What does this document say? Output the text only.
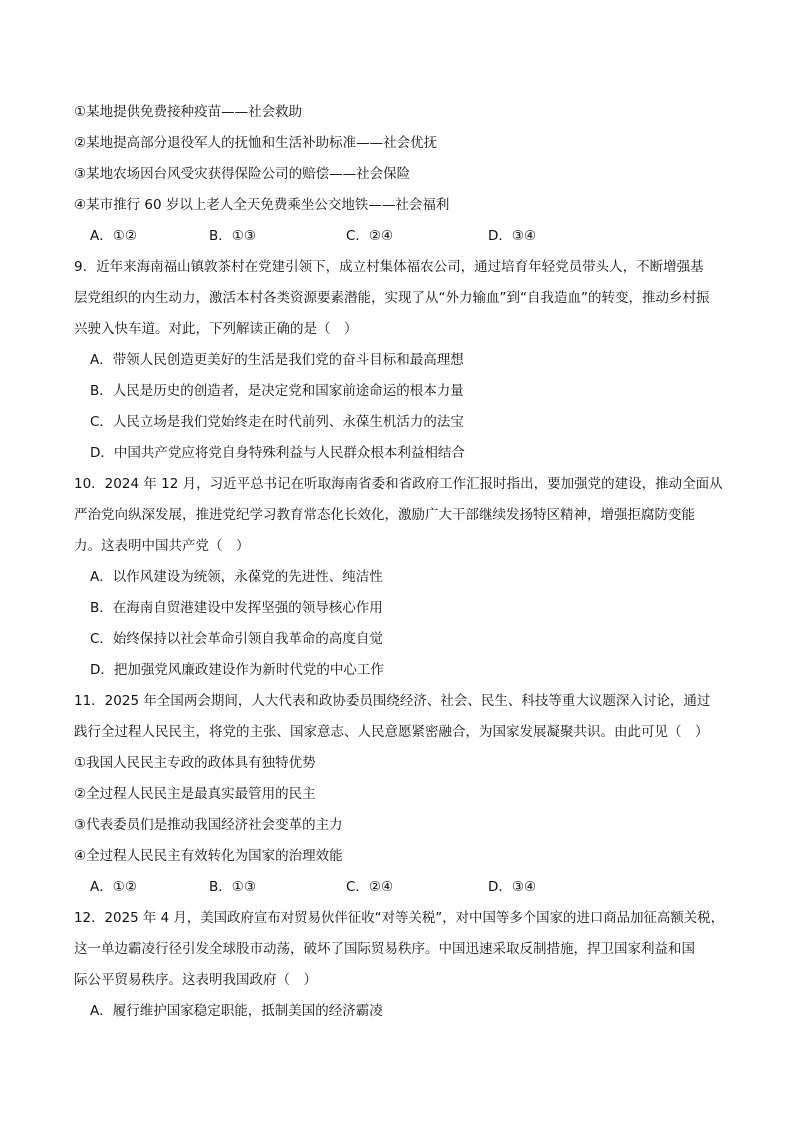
①某地提供免费接种疫苗——社会救助
②某地提高部分退役军人的抚恤和生活补助标准——社会优抚
③某地农场因台风受灾获得保险公司的赔偿——社会保险
④某市推行 60 岁以上老人全天免费乘坐公交地铁——社会福利
A．①②	B．①③	C．②④	D．③④
9．近年来海南福山镇敦茶村在党建引领下，成立村集体福农公司，通过培育年轻党员带头人，不断增强基
层党组织的内生动力，激活本村各类资源要素潜能，实现了从“外力输血”到“自我造血”的转变，推动乡村振
兴驶入快车道。对此，下列解读正确的是（　）
A．带领人民创造更美好的生活是我们党的奋斗目标和最高理想
B．人民是历史的创造者，是决定党和国家前途命运的根本力量
C．人民立场是我们党始终走在时代前列、永葆生机活力的法宝
D．中国共产党应将党自身特殊利益与人民群众根本利益相结合
10．2024 年 12 月，习近平总书记在听取海南省委和省政府工作汇报时指出，要加强党的建设，推动全面从
严治党向纵深发展，推进党纪学习教育常态化长效化，激励广大干部继续发扬特区精神，增强拒腐防变能
力。这表明中国共产党（　）
A．以作风建设为统领，永葆党的先进性、纯洁性
B．在海南自贸港建设中发挥坚强的领导核心作用
C．始终保持以社会革命引领自我革命的高度自觉
D．把加强党风廉政建设作为新时代党的中心工作
11．2025 年全国两会期间，人大代表和政协委员围绕经济、社会、民生、科技等重大议题深入讨论，通过
践行全过程人民民主，将党的主张、国家意志、人民意愿紧密融合，为国家发展凝聚共识。由此可见（　）
①我国人民民主专政的政体具有独特优势
②全过程人民民主是最真实最管用的民主
③代表委员们是推动我国经济社会变革的主力
④全过程人民民主有效转化为国家的治理效能
A．①②	B．①③	C．②④	D．③④
12．2025 年 4 月，美国政府宣布对贸易伙伴征收“对等关税”，对中国等多个国家的进口商品加征高额关税，
这一单边霸凌行径引发全球股市动荡，破坏了国际贸易秩序。中国迅速采取反制措施，捍卫国家利益和国
际公平贸易秩序。这表明我国政府（　）
A．履行维护国家稳定职能，抵制美国的经济霸凌
